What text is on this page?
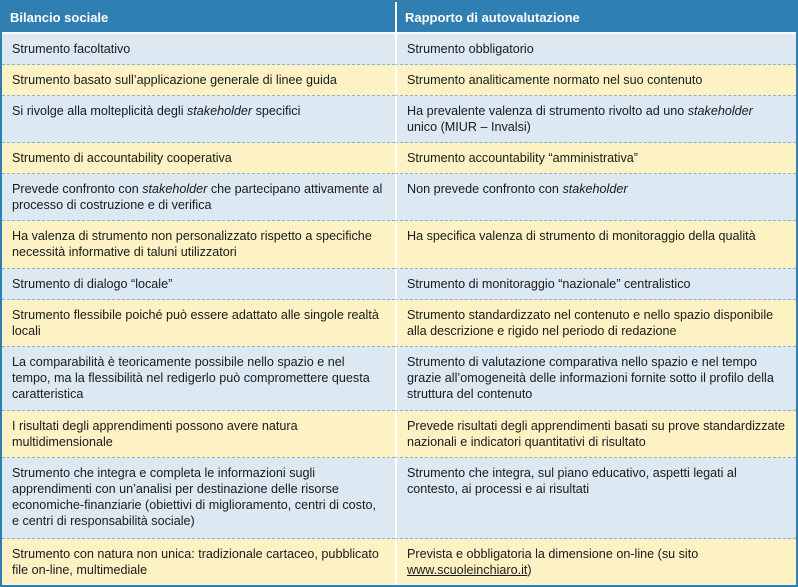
Bilancio sociale	Rapporto di autovalutazione
Strumento facoltativo	Strumento obbligatorio
Strumento basato sull’applicazione generale di linee guida	Strumento analiticamente normato nel suo contenuto
Si rivolge alla molteplicità degli stakeholder specifici	Ha prevalente valenza di strumento rivolto ad uno stakeholder unico (MIUR – Invalsi)
Strumento di accountability cooperativa	Strumento accountability “amministrativa”
Prevede confronto con stakeholder che partecipano attivamente al processo di costruzione e di verifica	Non prevede confronto con stakeholder
Ha valenza di strumento non personalizzato rispetto a specifiche necessità informative di taluni utilizzatori	Ha specifica valenza di strumento di monitoraggio della qualità
Strumento di dialogo “locale”	Strumento di monitoraggio “nazionale” centralistico
Strumento flessibile poiché può essere adattato alle singole realtà locali	Strumento standardizzato nel contenuto e nello spazio disponibile alla descrizione e rigido nel periodo di redazione
La comparabilità è teoricamente possibile nello spazio e nel tempo, ma la flessibilità nel redigerlo può compromettere questa caratteristica	Strumento di valutazione comparativa nello spazio e nel tempo grazie all’omogeneità delle informazioni fornite sotto il profilo della struttura del contenuto
I risultati degli apprendimenti possono avere natura multidimensionale	Prevede risultati degli apprendimenti basati su prove standardizzate nazionali e indicatori quantitativi di risultato
Strumento che integra e completa le informazioni sugli apprendimenti con un’analisi per destinazione delle risorse economiche-finanziarie (obiettivi di miglioramento, centri di costo, e centri di responsabilità sociale)	Strumento che integra, sul piano educativo, aspetti legati al contesto, ai processi e ai risultati
Strumento con natura non unica: tradizionale cartaceo, pubblicato file on-line, multimediale	Prevista e obbligatoria la dimensione on-line (su sito www.scuoleinchiaro.it)
